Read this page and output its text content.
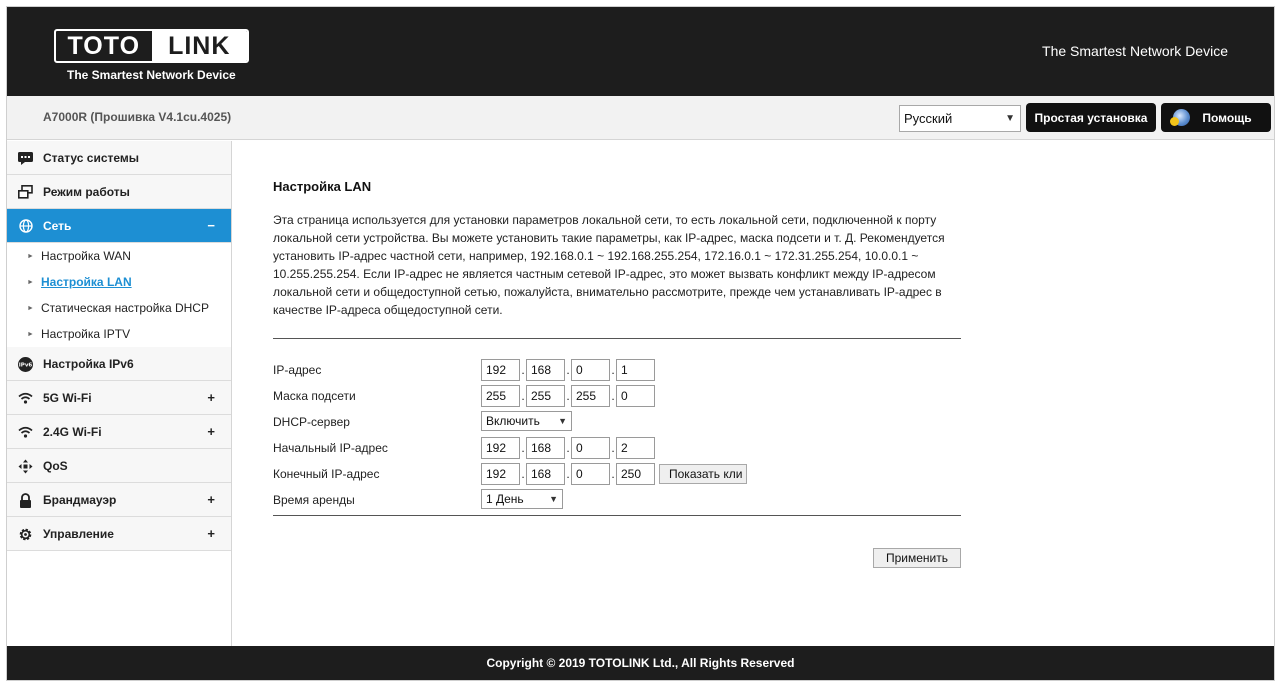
TOTO	LINK
The Smartest Network Device
The Smartest Network Device
A7000R (Прошивка V4.1cu.4025)	Русский	▼	Простая установка	Помощь
Статус системы
Режим работы
Сеть	−
► Настройка WAN
► Настройка LAN
► Статическая настройка DHCP
► Настройка IPTV
IPv6 Настройка IPv6
5G Wi-Fi	+
2.4G Wi-Fi	+
QoS
Брандмауэр	+
Управление	+
Настройка LAN
Эта страница используется для установки параметров локальной сети, то есть локальной сети, подключенной к порту локальной сети устройства. Вы можете установить такие параметры, как IP-адрес, маска подсети и т. Д. Рекомендуется установить IP-адрес частной сети, например, 192.168.0.1 ~ 192.168.255.254, 172.16.0.1 ~ 172.31.255.254, 10.0.0.1 ~ 10.255.255.254. Если IP-адрес не является частным сетевой IP-адрес, это может вызвать конфликт между IP-адресом локальной сети и общедоступной сетью, пожалуйста, внимательно рассмотрите, прежде чем устанавливать IP-адрес в качестве IP-адреса общедоступной сети.
IP-адрес	192	. 168	. 0	. 1
Маска подсети	255	. 255	. 255	. 0
DHCP-сервер	Включить ▼
Начальный IP-адрес	192	. 168	. 0	. 2
Конечный IP-адрес	192	. 168	. 0	. 250	Показать кли
Время аренды	1 День	▼
Применить
Copyright © 2019 TOTOLINK Ltd., All Rights Reserved
